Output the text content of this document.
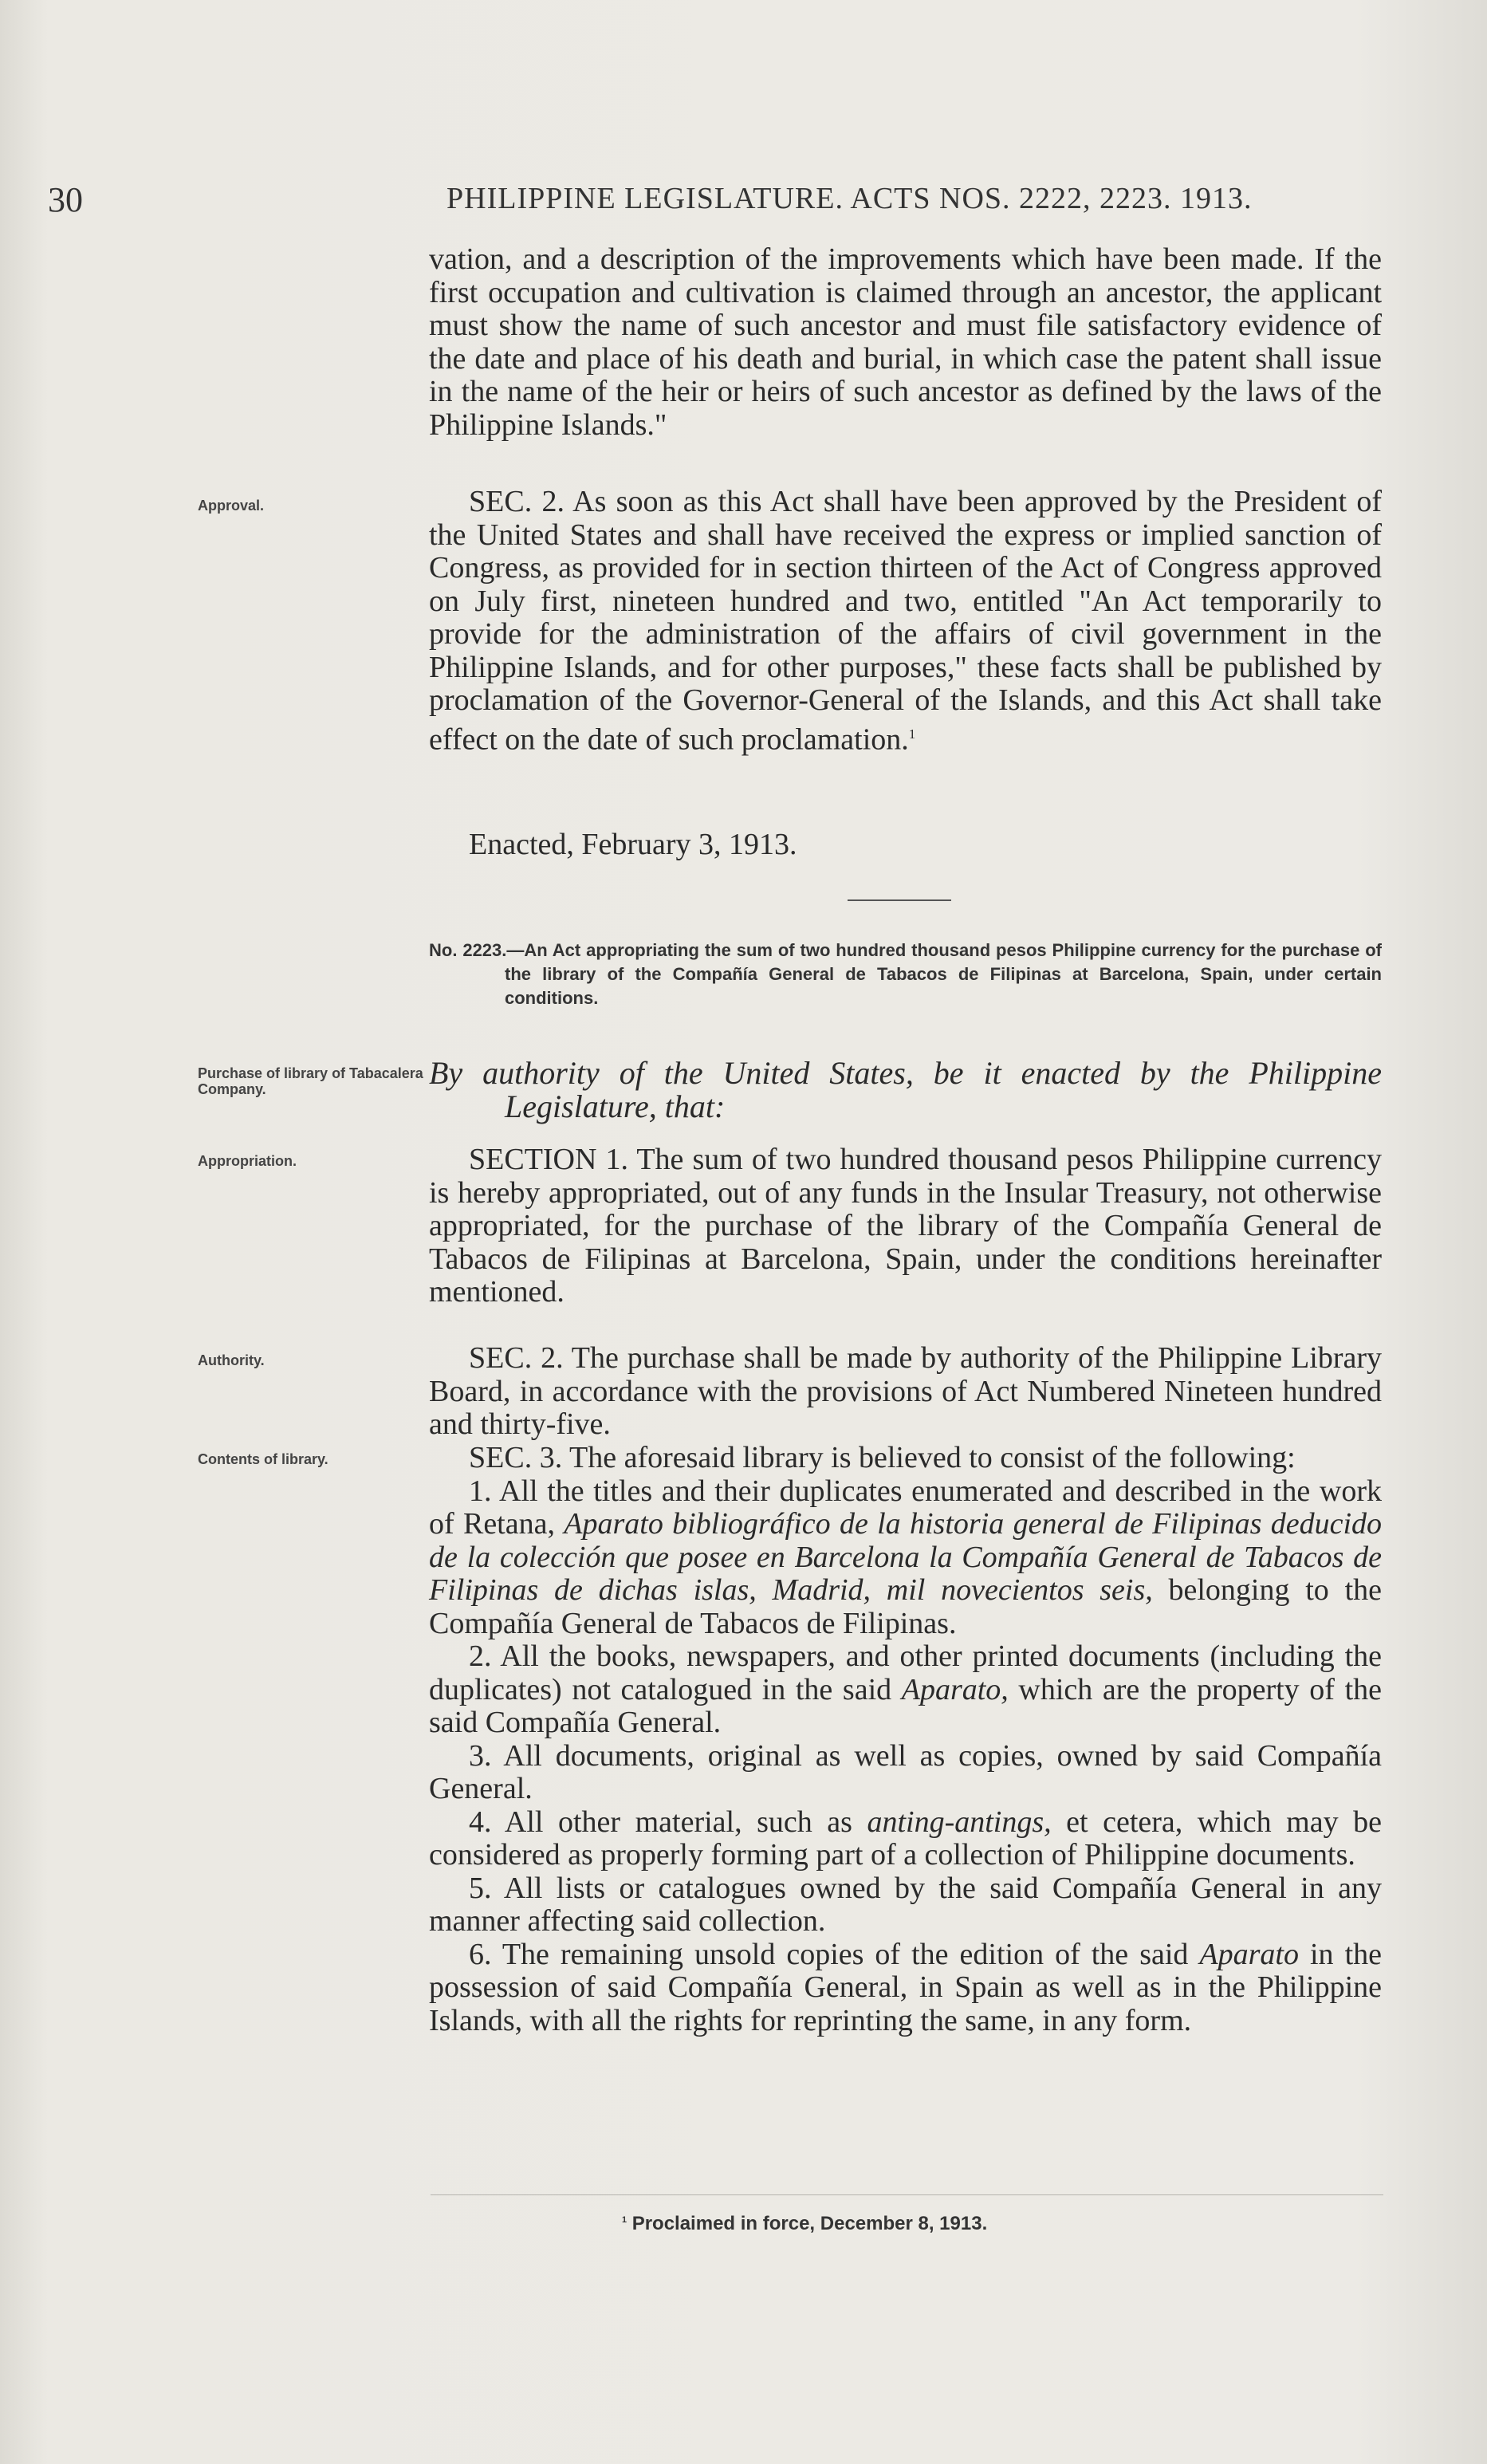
30	PHILIPPINE LEGISLATURE. ACTS NOS. 2222, 2223. 1913.

vation, and a description of the improvements which have been made. If the first occupation and cultivation is claimed through an ancestor, the applicant must show the name of such ancestor and must file satisfactory evidence of the date and place of his death and burial, in which case the patent shall issue in the name of the heir or heirs of such ancestor as defined by the laws of the Philippine Islands."

Approval.	SEC. 2. As soon as this Act shall have been approved by the President of the United States and shall have received the express or implied sanction of Congress, as provided for in section thirteen of the Act of Congress approved on July first, nineteen hundred and two, entitled "An Act temporarily to provide for the administration of the affairs of civil government in the Philippine Islands, and for other purposes," these facts shall be published by proclamation of the Governor-General of the Islands, and this Act shall take effect on the date of such proclamation.$^1$

Enacted, February 3, 1913.
No. 2223.—An Act appropriating the sum of two hundred thousand pesos Philippine currency for the purchase of the library of the Compañía General de Tabacos de Filipinas at Barcelona, Spain, under certain conditions.
Purchase of library of Tabacalera Company.	By authority of the United States, be it enacted by the Philippine Legislature, that:
Appropriation.	SECTION 1. The sum of two hundred thousand pesos Philippine currency is hereby appropriated, out of any funds in the Insular Treasury, not otherwise appropriated, for the purchase of the library of the Compañía General de Tabacos de Filipinas at Barcelona, Spain, under the conditions hereinafter mentioned.

Authority.	SEC. 2. The purchase shall be made by authority of the Philippine Library Board, in accordance with the provisions of Act Numbered Nineteen hundred and thirty-five.

Contents of library.	SEC. 3. The aforesaid library is believed to consist of the following:

1. All the titles and their duplicates enumerated and described in the work of Retana, Aparato bibliográfico de la historia general de Filipinas deducido de la colección que posee en Barcelona la Compañía General de Tabacos de Filipinas de dichas islas, Madrid, mil novecientos seis, belonging to the Compañía General de Tabacos de Filipinas.

2. All the books, newspapers, and other printed documents (including the duplicates) not catalogued in the said Aparato, which are the property of the said Compañía General.

3. All documents, original as well as copies, owned by said Compañía General.

4. All other material, such as anting-antings, et cetera, which may be considered as properly forming part of a collection of Philippine documents.

5. All lists or catalogues owned by the said Compañía General in any manner affecting said collection.

6. The remaining unsold copies of the edition of the said Aparato in the possession of said Compañía General, in Spain as well as in the Philippine Islands, with all the rights for reprinting the same, in any form.

$^1$ Proclaimed in force, December 8, 1913.
